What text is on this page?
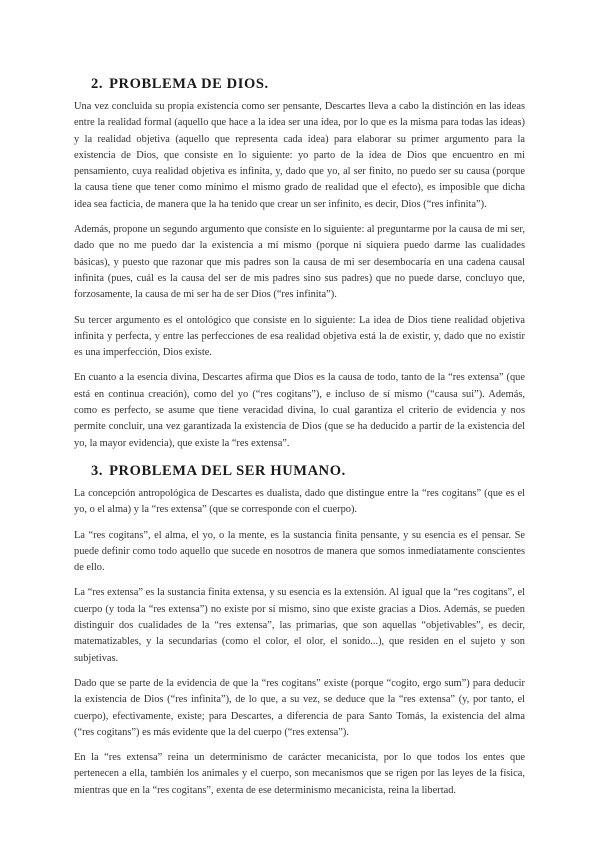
2. PROBLEMA DE DIOS.

Una vez concluida su propia existencia como ser pensante, Descartes lleva a cabo la distinción en las ideas entre la realidad formal (aquello que hace a la idea ser una idea, por lo que es la misma para todas las ideas) y la realidad objetiva (aquello que representa cada idea) para elaborar su primer argumento para la existencia de Dios, que consiste en lo siguiente: yo parto de la idea de Dios que encuentro en mi pensamiento, cuya realidad objetiva es infinita, y, dado que yo, al ser finito, no puedo ser su causa (porque la causa tiene que tener como mínimo el mismo grado de realidad que el efecto), es imposible que dicha idea sea facticia, de manera que la ha tenido que crear un ser infinito, es decir, Dios (“res infinita”).

Además, propone un segundo argumento que consiste en lo siguiente: al preguntarme por la causa de mi ser, dado que no me puedo dar la existencia a mí mismo (porque ni siquiera puedo darme las cualidades básicas), y puesto que razonar que mis padres son la causa de mi ser desembocaría en una cadena causal infinita (pues, cuál es la causa del ser de mis padres sino sus padres) que no puede darse, concluyo que, forzosamente, la causa de mi ser ha de ser Dios (“res infinita”).

Su tercer argumento es el ontológico que consiste en lo siguiente: La idea de Dios tiene realidad objetiva infinita y perfecta, y entre las perfecciones de esa realidad objetiva está la de existir, y, dado que no existir es una imperfección, Dios existe.

En cuanto a la esencia divina, Descartes afirma que Dios es la causa de todo, tanto de la “res extensa” (que está en continua creación), como del yo (“res cogitans”), e incluso de sí mismo (“causa sui”). Además, como es perfecto, se asume que tiene veracidad divina, lo cual garantiza el criterio de evidencia y nos permite concluir, una vez garantizada la existencia de Dios (que se ha deducido a partir de la existencia del yo, la mayor evidencia), que existe la “res extensa”.

3. PROBLEMA DEL SER HUMANO.

La concepción antropológica de Descartes es dualista, dado que distingue entre la “res cogitans” (que es el yo, o el alma) y la “res extensa” (que se corresponde con el cuerpo).

La “res cogitans”, el alma, el yo, o la mente, es la sustancia finita pensante, y su esencia es el pensar. Se puede definir como todo aquello que sucede en nosotros de manera que somos inmediatamente conscientes de ello.

La “res extensa” es la sustancia finita extensa, y su esencia es la extensión. Al igual que la “res cogitans”, el cuerpo (y toda la “res extensa”) no existe por sí mismo, sino que existe gracias a Dios. Además, se pueden distinguir dos cualidades de la “res extensa”, las primarias, que son aquellas “objetivables”, es decir, matematizables, y la secundarias (como el color, el olor, el sonido...), que residen en el sujeto y son subjetivas.

Dado que se parte de la evidencia de que la “res cogitans” existe (porque “cogito, ergo sum”) para deducir la existencia de Dios (“res infinita”), de lo que, a su vez, se deduce que la “res extensa” (y, por tanto, el cuerpo), efectivamente, existe; para Descartes, a diferencia de para Santo Tomás, la existencia del alma (“res cogitans”) es más evidente que la del cuerpo (“res extensa”).

En la “res extensa” reina un determinismo de carácter mecanicista, por lo que todos los entes que pertenecen a ella, también los animales y el cuerpo, son mecanismos que se rigen por las leyes de la física, mientras que en la “res cogitans”, exenta de ese determinismo mecanicista, reina la libertad.
